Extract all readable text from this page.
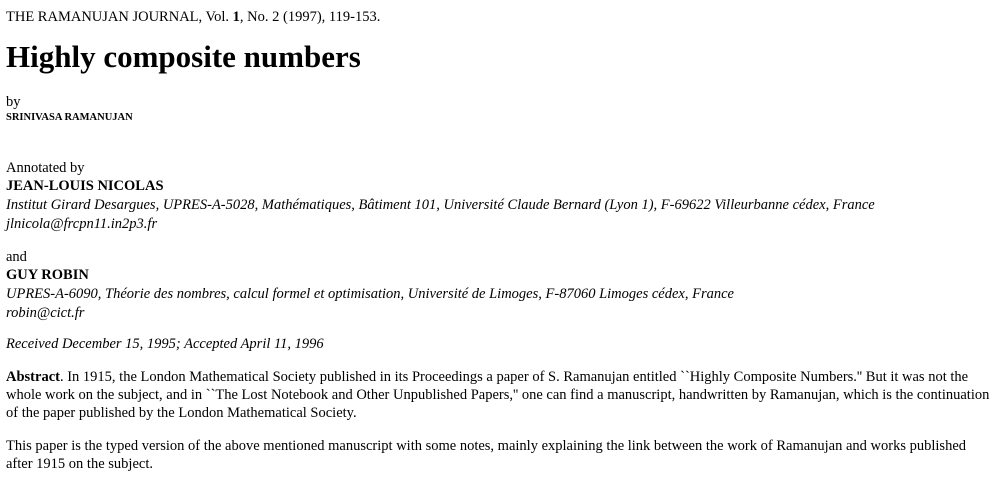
THE RAMANUJAN JOURNAL, Vol. 1, No. 2 (1997), 119-153.

Highly composite numbers

by

SRINIVASA RAMANUJAN

Annotated by

JEAN-LOUIS NICOLAS

Institut Girard Desargues, UPRES-A-5028, Mathématiques, Bâtiment 101, Université Claude Bernard (Lyon 1), F-69622 Villeurbanne cédex, France

jlnicola@frcpn11.in2p3.fr

and

GUY ROBIN

UPRES-A-6090, Théorie des nombres, calcul formel et optimisation, Université de Limoges, F-87060 Limoges cédex, France

robin@cict.fr

Received December 15, 1995; Accepted April 11, 1996

Abstract. In 1915, the London Mathematical Society published in its Proceedings a paper of S. Ramanujan entitled ``Highly Composite Numbers.'' But it was not the whole work on the subject, and in ``The Lost Notebook and Other Unpublished Papers,'' one can find a manuscript, handwritten by Ramanujan, which is the continuation of the paper published by the London Mathematical Society.

This paper is the typed version of the above mentioned manuscript with some notes, mainly explaining the link between the work of Ramanujan and works published after 1915 on the subject.
